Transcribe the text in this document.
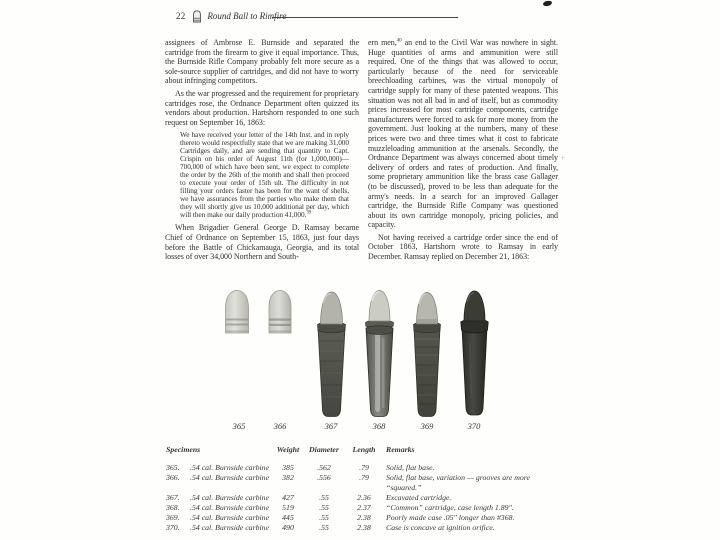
22 Round Ball to Rimfire
+

assignees of Ambrose E. Burnside and separated the cartridge from the firearm to give it equal importance. Thus, the Burnside Rifle Company probably felt more secure as a sole-source supplier of cartridges, and did not have to worry about infringing competitors.

As the war progressed and the requirement for proprietary cartridges rose, the Ordnance Department often quizzed its vendors about production. Hartshorn responded to one such request on September 16, 1863:

We have received your letter of the 14th Inst. and in reply thereto would respectfully state that we are making 31,000 Cartridges daily, and are sending that quantity to Capt. Crispin on his order of August 11th (for 1,000,000)—700,000 of which have been sent, we expect to complete the order by the 26th of the month and shall then proceed to execute your order of 15th ult. The difficulty in not filling your orders faster has been for the want of shells, we have assurances from the parties who make them that they will shortly give us 10,000 additional per day, which will then make our daily production 41,000.39

When Brigadier General George D. Ramsay became Chief of Ordnance on September 15, 1863, just four days before the Battle of Chickamauga, Georgia, and its total losses of over 34,000 Northern and South-

ern men,$^{40}$ an end to the Civil War was nowhere in sight. Huge quantities of arms and ammunition were still required. One of the things that was allowed to occur, particularly because of the need for serviceable breechloading carbines, was the virtual monopoly of cartridge supply for many of these patented weapons. This situation was not all bad in and of itself, but as commodity prices increased for most cartridge components, cartridge manufacturers were forced to ask for more money from the government. Just looking at the numbers, many of these prices were two and three times what it cost to fabricate muzzleloading ammunition at the arsenals. Secondly, the Ordnance Department was always concerned about timely delivery of orders and rates of production. And finally, some proprietary ammunition like the brass case Gallager (to be discussed), proved to be less than adequate for the army's needs. In a search for an improved Gallager cartridge, the Burnside Rifle Company was questioned about its own cartridge monopoly, pricing policies, and capacity.

Not having received a cartridge order since the end of October 1863, Hartshorn wrote to Ramsay in early December. Ramsay replied on December 21, 1863:

365	366	367	368	369	370
Specimens	Weight	Diameter	Length	Remarks
365.	.54 cal. Burnside carbine	385	.562	.79	Solid, flat base.
366.	.54 cal. Burnside carbine	382	.556	.79	Solid, flat base, variation — grooves are more “squared.”
367.	.54 cal. Burnside carbine	427	.55	2.36	Excavated cartridge.
368.	.54 cal. Burnside carbine	519	.55	2.37	“Common” cartridge, case length 1.89".
369.	.54 cal. Burnside carbine	445	.55	2.38	Poorly made case .05" longer than #368.
370.	.54 cal. Burnside carbine	490	.55	2.38	Case is concave at ignition orifice.
